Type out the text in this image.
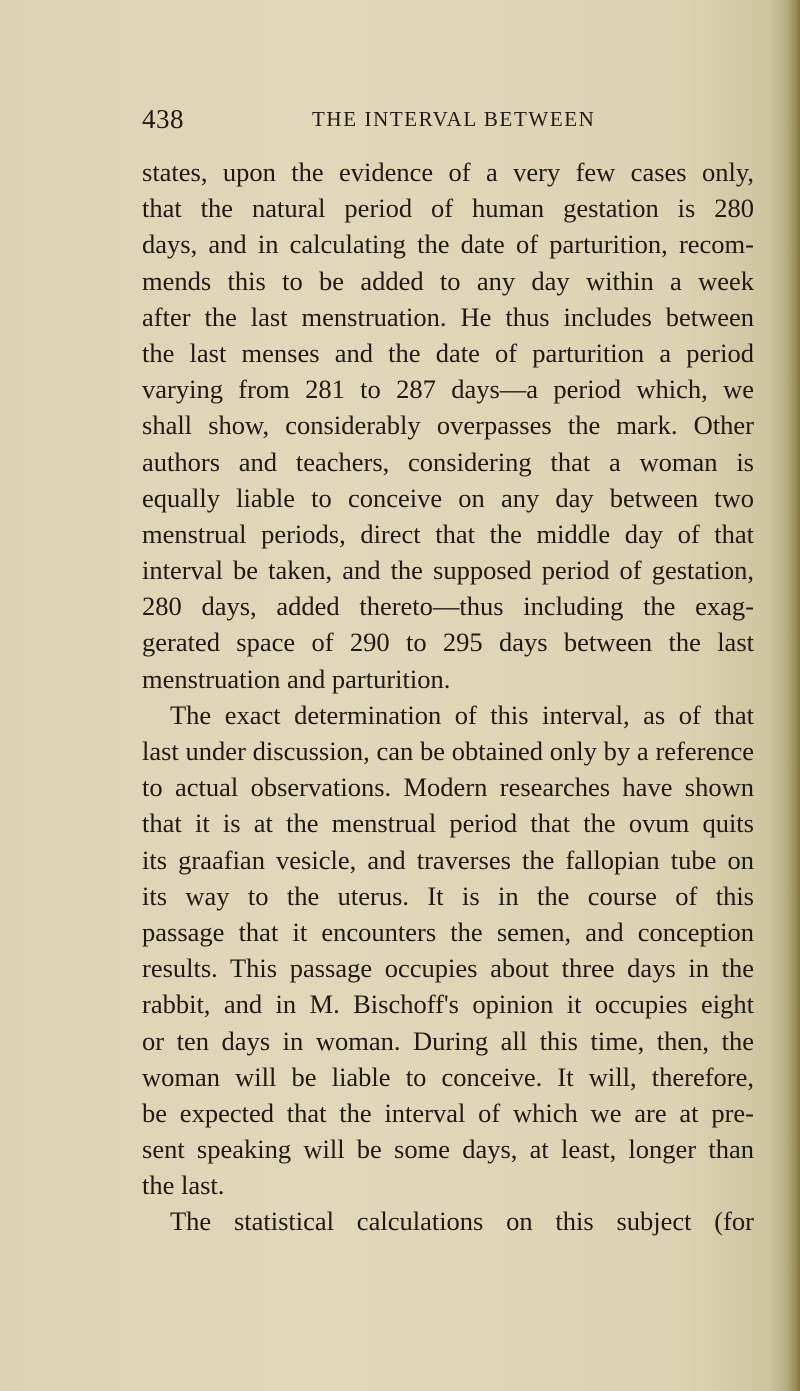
438	THE INTERVAL BETWEEN
states, upon the evidence of a very few cases only,
that the natural period of human gestation is 280
days, and in calculating the date of parturition, recom-
mends this to be added to any day within a week
after the last menstruation. He thus includes between
the last menses and the date of parturition a period
varying from 281 to 287 days—a period which, we
shall show, considerably overpasses the mark. Other
authors and teachers, considering that a woman is
equally liable to conceive on any day between two
menstrual periods, direct that the middle day of that
interval be taken, and the supposed period of gestation,
280 days, added thereto—thus including the exag-
gerated space of 290 to 295 days between the last
menstruation and parturition.
The exact determination of this interval, as of that
last under discussion, can be obtained only by a reference
to actual observations. Modern researches have shown
that it is at the menstrual period that the ovum quits
its graafian vesicle, and traverses the fallopian tube on
its way to the uterus. It is in the course of this
passage that it encounters the semen, and conception
results. This passage occupies about three days in the
rabbit, and in M. Bischoff's opinion it occupies eight
or ten days in woman. During all this time, then, the
woman will be liable to conceive. It will, therefore,
be expected that the interval of which we are at pre-
sent speaking will be some days, at least, longer than
the last.
The statistical calculations on this subject (for
